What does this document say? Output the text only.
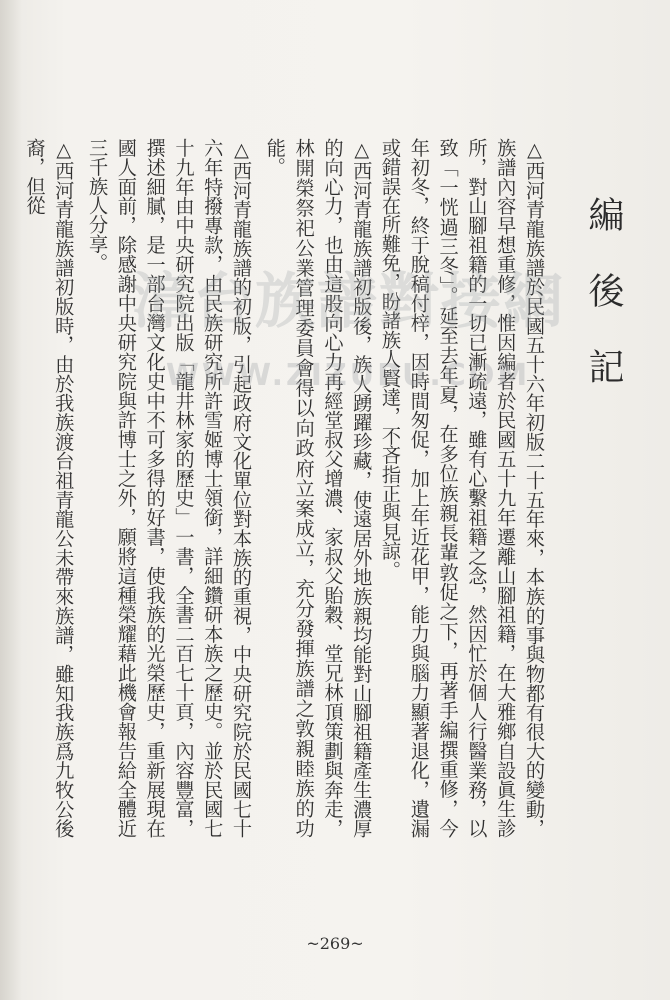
編後記

△西河青龍族譜於民國五十六年初版二十五年來，本族的事與物都有很大的變動，族譜內容早想重修，惟因編者於民國五十九年遷離山腳祖籍，在大雅鄉自設眞生診所，對山腳祖籍的一切已漸疏遠，雖有心繫祖籍之念，然因忙於個人行醫業務，以致「一恍過三冬」。延至去年夏，在多位族親長輩敦促之下，再著手編撰重修，今年初冬，終于脫稿付梓，因時間匆促，加上年近花甲，能力與腦力顯著退化，遺漏或錯誤在所難免，盼諸族人賢達，不吝指正與見諒。

△西河青龍族譜初版後，族人踴躍珍藏，使遠居外地族親均能對山腳祖籍產生濃厚的向心力，也由這股向心力再經堂叔父增濃、家叔父貽穀、堂兄林頂策劃與奔走，林開榮祭祀公業管理委員會得以向政府立案成立，充分發揮族譜之敦親睦族的功能。

△西河青龍族譜的初版，引起政府文化單位對本族的重視，中央研究院於民國七十六年特撥專款，由民族研究所許雪姬博士領銜，詳細鑽研本族之歷史。並於民國七十九年由中央研究院出版「龍井林家的歷史」一書，全書二百七十頁，內容豐富，撰述細膩，是一部台灣文化史中不可多得的好書，使我族的光榮歷史，重新展現在國人面前，除感謝中央研究院與許博士之外，願將這種榮耀藉此機會報告給全體近三千族人分享。

△西河青龍族譜初版時，由於我族渡台祖青龍公未帶來族譜，雖知我族爲九牧公後裔，但從

漳台族譜對接網
WWW.ZIZUPU.COM
~269~
